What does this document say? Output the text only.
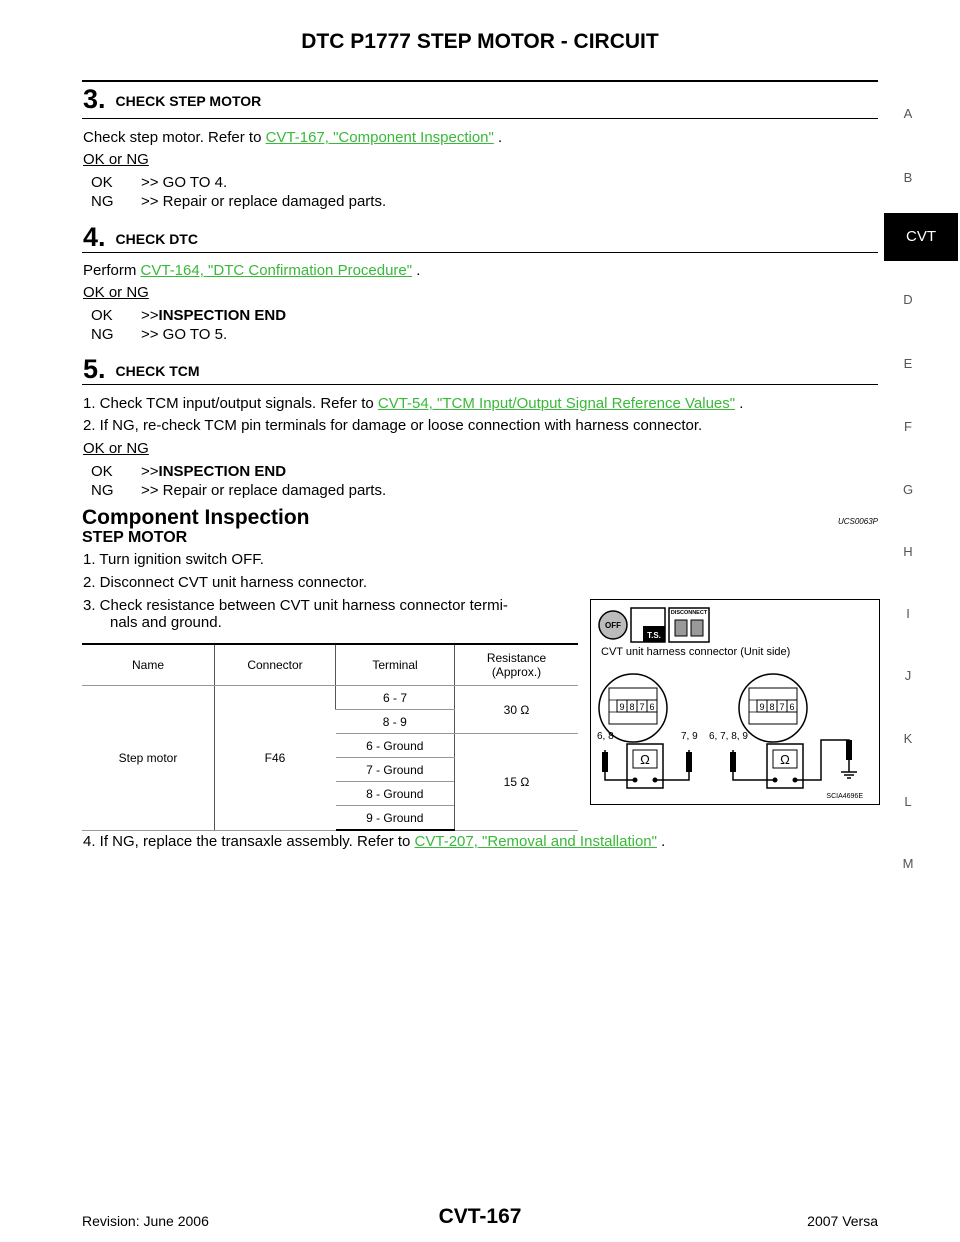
DTC P1777 STEP MOTOR - CIRCUIT
A
B
CVT
D
E
F
G
H
I
J
K
L
M
3. CHECK STEP MOTOR
Check step motor. Refer to CVT-167, "Component Inspection" .
OK or NG
OK	>> GO TO 4.
NG	>> Repair or replace damaged parts.
4. CHECK DTC
Perform CVT-164, "DTC Confirmation Procedure" .
OK or NG
OK	>> INSPECTION END
NG	>> GO TO 5.
5. CHECK TCM
1. Check TCM input/output signals. Refer to CVT-54, "TCM Input/Output Signal Reference Values" .
2. If NG, re-check TCM pin terminals for damage or loose connection with harness connector.
OK or NG
OK	>> INSPECTION END
NG	>> Repair or replace damaged parts.
Component Inspection	UCS0063P
STEP MOTOR
1. Turn ignition switch OFF.
2. Disconnect CVT unit harness connector.
3. Check resistance between CVT unit harness connector termi-
nals and ground.
Name	Connector	Terminal	Resistance
(Approx.)
Step motor	F46	6 - 7	30 Ω
		8 - 9	
		6 - Ground	15 Ω
		7 - Ground	
		8 - Ground	
		9 - Ground	
4. If NG, replace the transaxle assembly. Refer to CVT-207, "Removal and Installation" .
OFF
T.S.
DISCONNECT
CVT unit harness connector (Unit side)
9 8 7 6	9 8 7 6
6, 8	7, 9 6, 7, 8, 9
Ω	Ω
SCIA4696E
Revision: June 2006	CVT-167	2007 Versa
